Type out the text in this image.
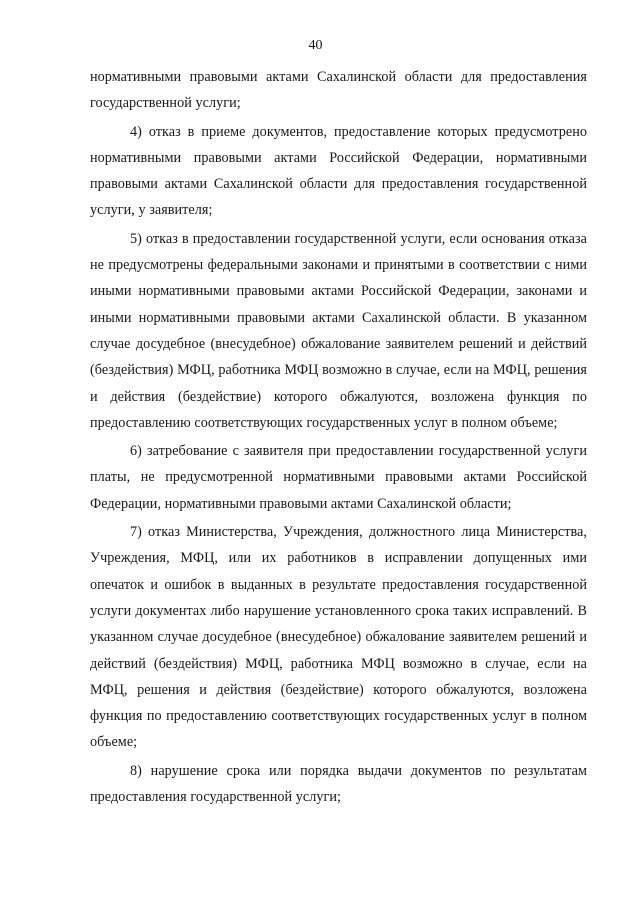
40

нормативными правовыми актами Сахалинской области для предоставления государственной услуги;

4) отказ в приеме документов, предоставление которых предусмотрено нормативными правовыми актами Российской Федерации, нормативными правовыми актами Сахалинской области для предоставления государственной услуги, у заявителя;

5) отказ в предоставлении государственной услуги, если основания отказа не предусмотрены федеральными законами и принятыми в соответствии с ними иными нормативными правовыми актами Российской Федерации, законами и иными нормативными правовыми актами Сахалинской области. В указанном случае досудебное (внесудебное) обжалование заявителем решений и действий (бездействия) МФЦ, работника МФЦ возможно в случае, если на МФЦ, решения и действия (бездействие) которого обжалуются, возложена функция по предоставлению соответствующих государственных услуг в полном объеме;

6) затребование с заявителя при предоставлении государственной услуги платы, не предусмотренной нормативными правовыми актами Российской Федерации, нормативными правовыми актами Сахалинской области;

7) отказ Министерства, Учреждения, должностного лица Министерства, Учреждения, МФЦ, или их работников в исправлении допущенных ими опечаток и ошибок в выданных в результате предоставления государственной услуги документах либо нарушение установленного срока таких исправлений. В указанном случае досудебное (внесудебное) обжалование заявителем решений и действий (бездействия) МФЦ, работника МФЦ возможно в случае, если на МФЦ, решения и действия (бездействие) которого обжалуются, возложена функция по предоставлению соответствующих государственных услуг в полном объеме;

8) нарушение срока или порядка выдачи документов по результатам предоставления государственной услуги;
